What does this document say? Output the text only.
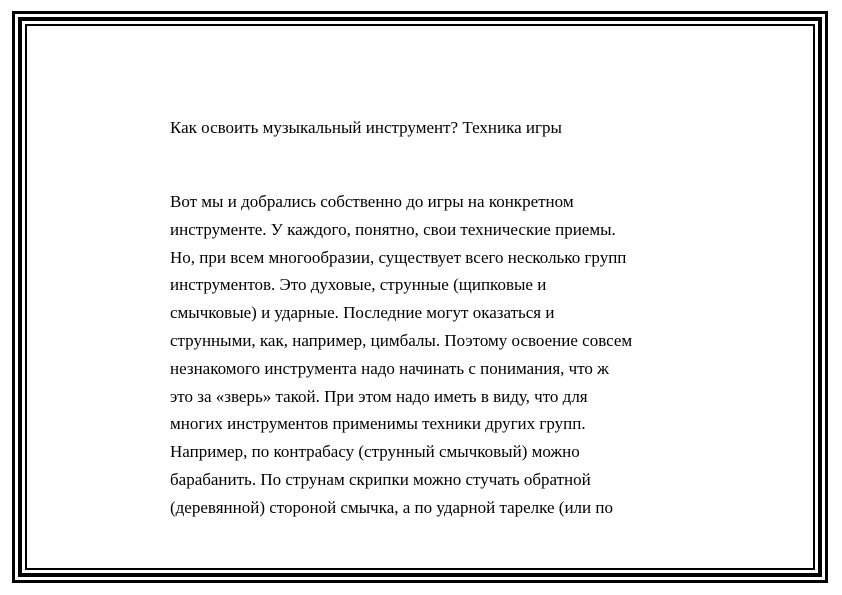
Как освоить музыкальный инструмент? Техника игры
Вот мы и добрались собственно до игры на конкретном
инструменте. У каждого, понятно, свои технические приемы.
Но, при всем многообразии, существует всего несколько групп
инструментов. Это духовые, струнные (щипковые и
смычковые) и ударные. Последние могут оказаться и
струнными, как, например, цимбалы. Поэтому освоение совсем
незнакомого инструмента надо начинать с понимания, что ж
это за «зверь» такой. При этом надо иметь в виду, что для
многих инструментов применимы техники других групп.
Например, по контрабасу (струнный смычковый) можно
барабанить. По струнам скрипки можно стучать обратной
(деревянной) стороной смычка, а по ударной тарелке (или по
